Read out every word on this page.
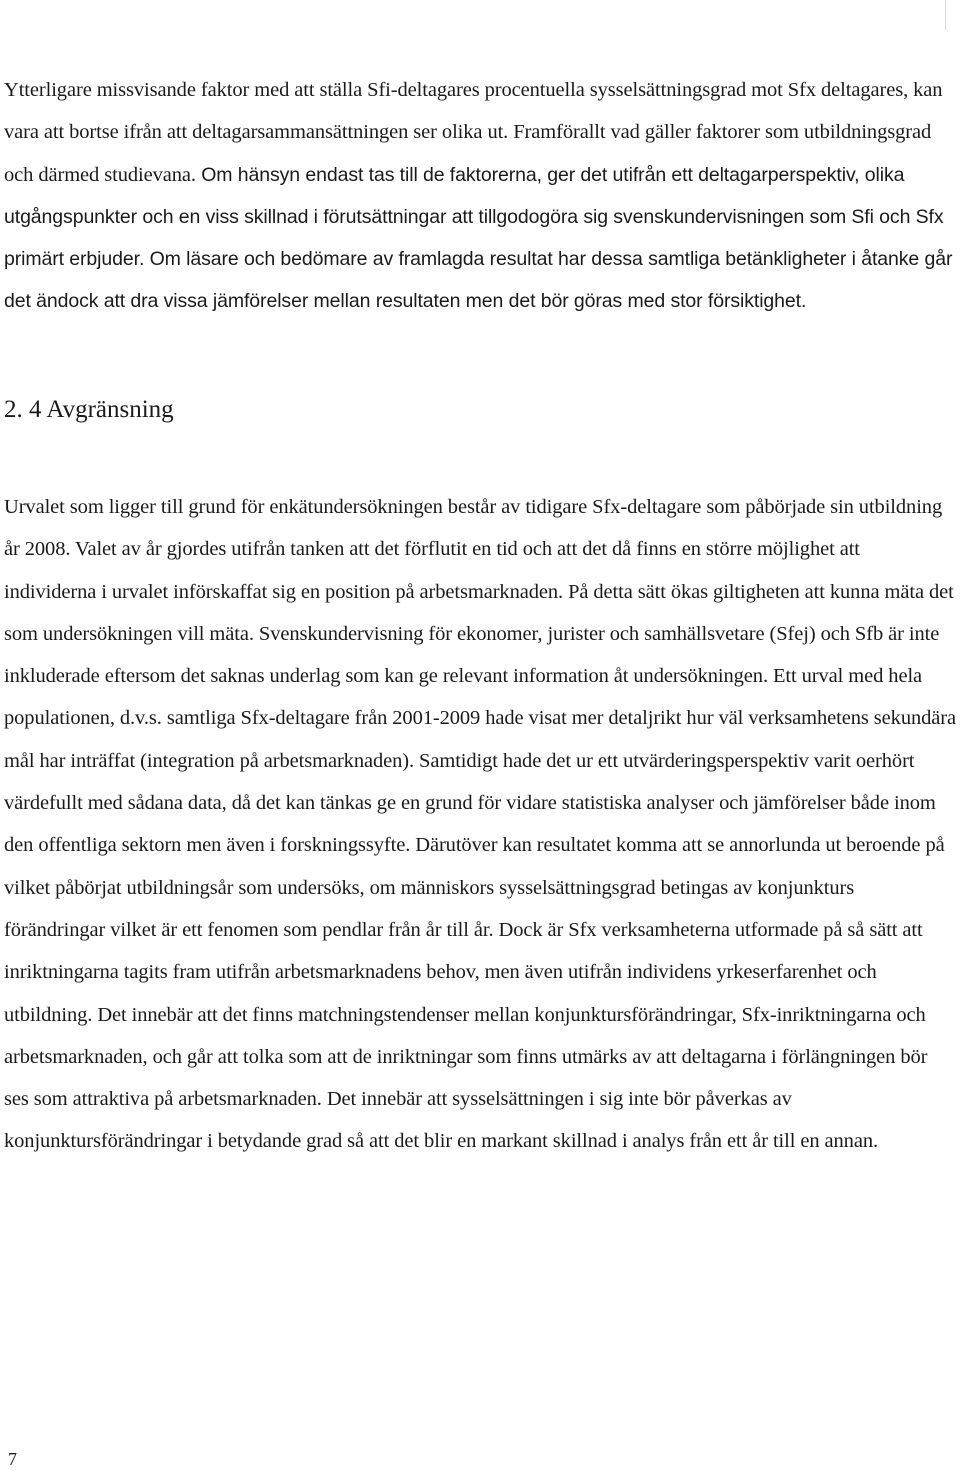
Ytterligare missvisande faktor med att ställa Sfi-deltagares procentuella sysselsättningsgrad mot Sfx deltagares, kan vara att bortse ifrån att deltagarsammansättningen ser olika ut. Framförallt vad gäller faktorer som utbildningsgrad och därmed studievana. Om hänsyn endast tas till de faktorerna, ger det utifrån ett deltagarperspektiv, olika utgångspunkter och en viss skillnad i förutsättningar att tillgodogöra sig svenskundervisningen som Sfi och Sfx primärt erbjuder. Om läsare och bedömare av framlagda resultat har dessa samtliga betänkligheter i åtanke går det ändock att dra vissa jämförelser mellan resultaten men det bör göras med stor försiktighet.

2. 4 Avgränsning

Urvalet som ligger till grund för enkätundersökningen består av tidigare Sfx-deltagare som påbörjade sin utbildning år 2008. Valet av år gjordes utifrån tanken att det förflutit en tid och att det då finns en större möjlighet att individerna i urvalet införskaffat sig en position på arbetsmarknaden. På detta sätt ökas giltigheten att kunna mäta det som undersökningen vill mäta. Svenskundervisning för ekonomer, jurister och samhällsvetare (Sfej) och Sfb är inte inkluderade eftersom det saknas underlag som kan ge relevant information åt undersökningen. Ett urval med hela populationen, d.v.s. samtliga Sfx-deltagare från 2001-2009 hade visat mer detaljrikt hur väl verksamhetens sekundära mål har inträffat (integration på arbetsmarknaden). Samtidigt hade det ur ett utvärderingsperspektiv varit oerhört värdefullt med sådana data, då det kan tänkas ge en grund för vidare statistiska analyser och jämförelser både inom den offentliga sektorn men även i forskningssyfte. Därutöver kan resultatet komma att se annorlunda ut beroende på vilket påbörjat utbildningsår som undersöks, om människors sysselsättningsgrad betingas av konjunkturs förändringar vilket är ett fenomen som pendlar från år till år. Dock är Sfx verksamheterna utformade på så sätt att inriktningarna tagits fram utifrån arbetsmarknadens behov, men även utifrån individens yrkeserfarenhet och utbildning. Det innebär att det finns matchningstendenser mellan konjunktursförändringar, Sfx-inriktningarna och arbetsmarknaden, och går att tolka som att de inriktningar som finns utmärks av att deltagarna i förlängningen bör ses som attraktiva på arbetsmarknaden. Det innebär att sysselsättningen i sig inte bör påverkas av konjunktursförändringar i betydande grad så att det blir en markant skillnad i analys från ett år till en annan.

7
